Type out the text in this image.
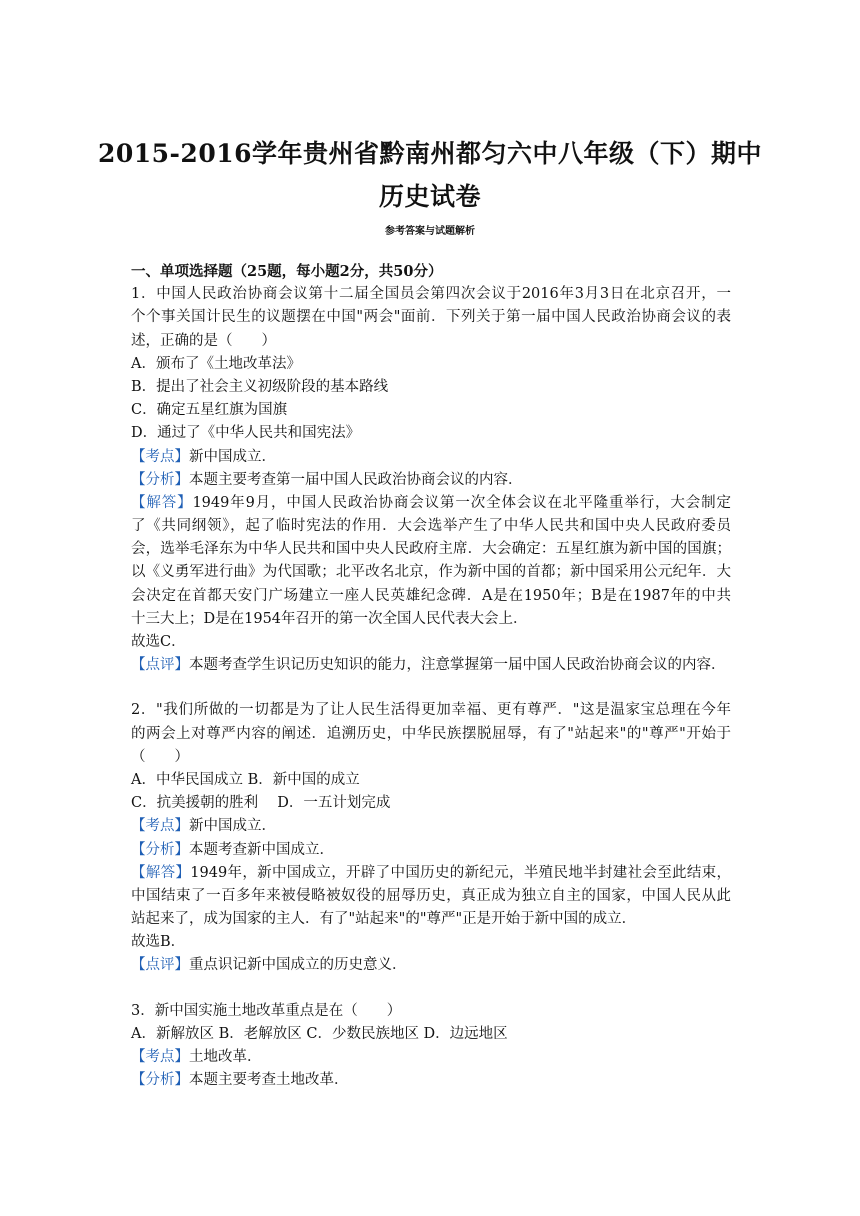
2015-2016学年贵州省黔南州都匀六中八年级（下）期中
历史试卷
参考答案与试题解析
一、单项选择题（25题，每小题2分，共50分）
1．中国人民政治协商会议第十二届全国员会第四次会议于2016年3月3日在北京召开，一
个个事关国计民生的议题摆在中国"两会"面前．下列关于第一届中国人民政治协商会议的表
述，正确的是（　　）
A．颁布了《土地改革法》
B．提出了社会主义初级阶段的基本路线
C．确定五星红旗为国旗
D．通过了《中华人民共和国宪法》
【考点】新中国成立．
【分析】本题主要考查第一届中国人民政治协商会议的内容．
【解答】1949年9月，中国人民政治协商会议第一次全体会议在北平隆重举行，大会制定
了《共同纲领》，起了临时宪法的作用．大会选举产生了中华人民共和国中央人民政府委员
会，选举毛泽东为中华人民共和国中央人民政府主席．大会确定：五星红旗为新中国的国旗；
以《义勇军进行曲》为代国歌；北平改名北京，作为新中国的首都；新中国采用公元纪年．大
会决定在首都天安门广场建立一座人民英雄纪念碑．A是在1950年；B是在1987年的中共
十三大上；D是在1954年召开的第一次全国人民代表大会上．
故选C．
【点评】本题考查学生识记历史知识的能力，注意掌握第一届中国人民政治协商会议的内容．
2．"我们所做的一切都是为了让人民生活得更加幸福、更有尊严．"这是温家宝总理在今年
的两会上对尊严内容的阐述．追溯历史，中华民族摆脱屈辱，有了"站起来"的"尊严"开始于
（　　）
A．中华民国成立 B．新中国的成立
C．抗美援朝的胜利　 D．一五计划完成
【考点】新中国成立．
【分析】本题考查新中国成立．
【解答】1949年，新中国成立，开辟了中国历史的新纪元，半殖民地半封建社会至此结束，
中国结束了一百多年来被侵略被奴役的屈辱历史，真正成为独立自主的国家，中国人民从此
站起来了，成为国家的主人．有了"站起来"的"尊严"正是开始于新中国的成立．
故选B．
【点评】重点识记新中国成立的历史意义．
3．新中国实施土地改革重点是在（　　）
A．新解放区 B．老解放区 C．少数民族地区 D．边远地区
【考点】土地改革．
【分析】本题主要考查土地改革．
